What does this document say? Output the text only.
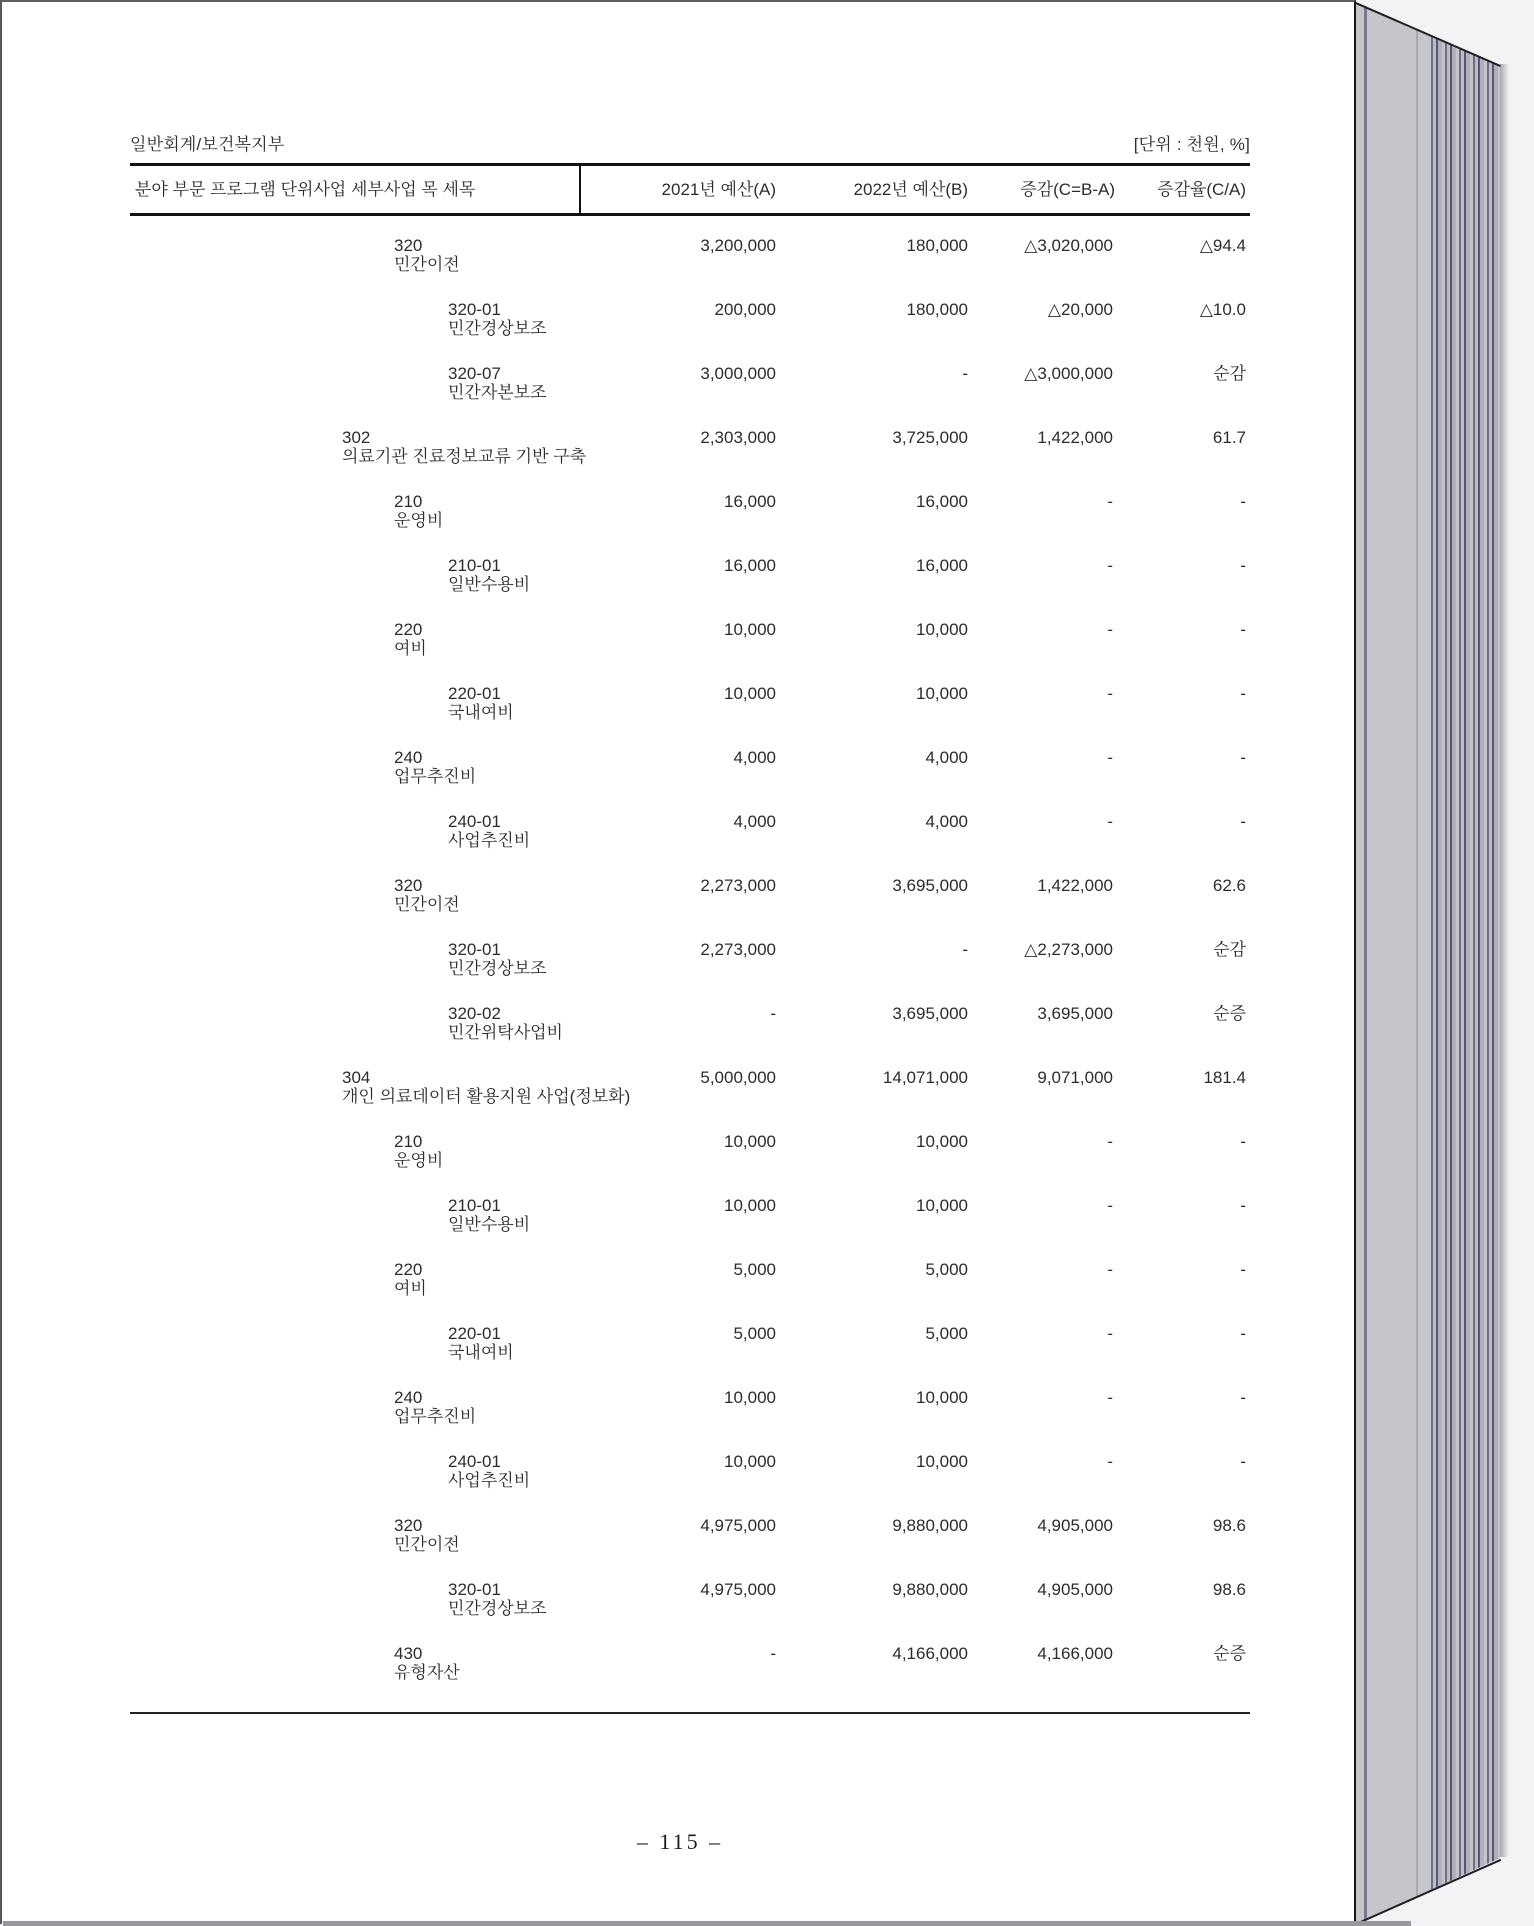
일반회계/보건복지부	[단위 : 천원, %]
분야 부문 프로그램 단위사업 세부사업 목 세목	2021년 예산(A)	2022년 예산(B)	증감(C=B-A)	증감율(C/A)
320
민간이전
3,200,000	180,000	△3,020,000	△94.4
320-01
민간경상보조
200,000	180,000	△20,000	△10.0
320-07
민간자본보조
3,000,000	-	△3,000,000	순감
302
의료기관 진료정보교류 기반 구축
2,303,000	3,725,000	1,422,000	61.7
210
운영비
16,000	16,000	-	-
210-01
일반수용비
16,000	16,000	-	-
220
여비
10,000	10,000	-	-
220-01
국내여비
10,000	10,000	-	-
240
업무추진비
4,000	4,000	-	-
240-01
사업추진비
4,000	4,000	-	-
320
민간이전
2,273,000	3,695,000	1,422,000	62.6
320-01
민간경상보조
2,273,000	-	△2,273,000	순감
320-02
민간위탁사업비
-	3,695,000	3,695,000	순증
304
개인 의료데이터 활용지원 사업(정보화)
5,000,000	14,071,000	9,071,000	181.4
210
운영비
10,000	10,000	-	-
210-01
일반수용비
10,000	10,000	-	-
220
여비
5,000	5,000	-	-
220-01
국내여비
5,000	5,000	-	-
240
업무추진비
10,000	10,000	-	-
240-01
사업추진비
10,000	10,000	-	-
320
민간이전
4,975,000	9,880,000	4,905,000	98.6
320-01
민간경상보조
4,975,000	9,880,000	4,905,000	98.6
430
유형자산
-	4,166,000	4,166,000	순증
– 115 –
